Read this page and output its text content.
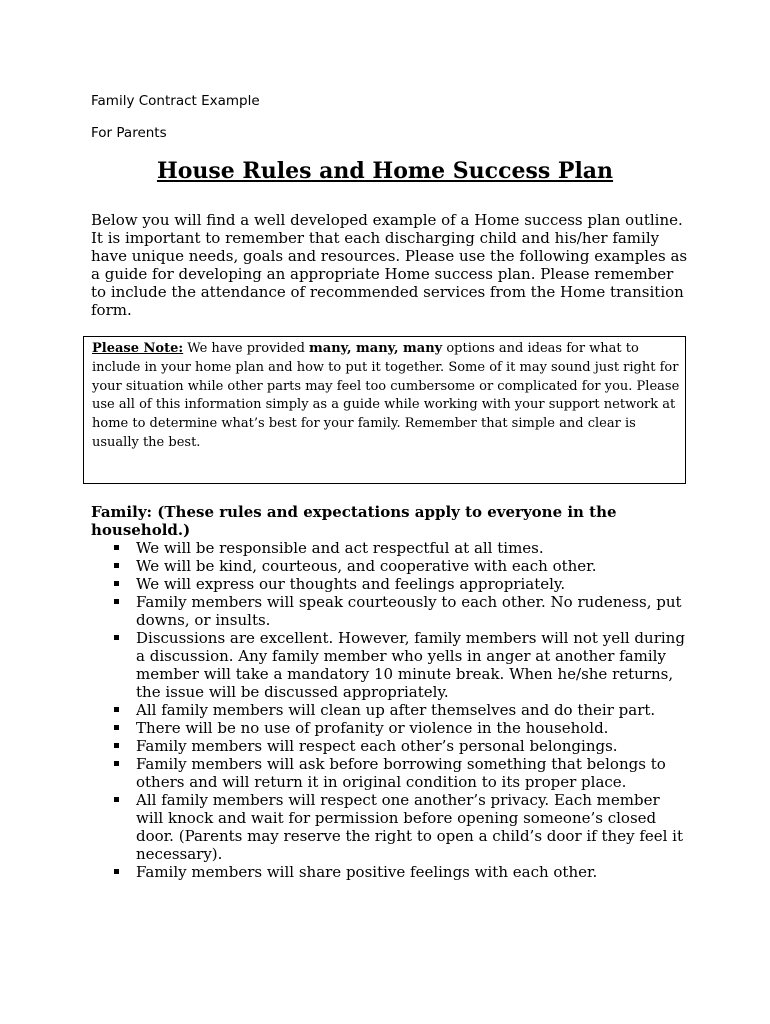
Family Contract Example
For Parents
House Rules and Home Success Plan
Below you will find a well developed example of a Home success plan outline. It is important to remember that each discharging child and his/her family have unique needs, goals and resources. Please use the following examples as a guide for developing an appropriate Home success plan. Please remember to include the attendance of recommended services from the Home transition form.
Please Note: We have provided many, many, many options and ideas for what to include in your home plan and how to put it together. Some of it may sound just right for your situation while other parts may feel too cumbersome or complicated for you. Please use all of this information simply as a guide while working with your support network at home to determine what’s best for your family. Remember that simple and clear is usually the best.
Family: (These rules and expectations apply to everyone in the household.)
We will be responsible and act respectful at all times.
We will be kind, courteous, and cooperative with each other.
We will express our thoughts and feelings appropriately.
Family members will speak courteously to each other. No rudeness, put downs, or insults.
Discussions are excellent. However, family members will not yell during a discussion. Any family member who yells in anger at another family member will take a mandatory 10 minute break. When he/she returns, the issue will be discussed appropriately.
All family members will clean up after themselves and do their part.
There will be no use of profanity or violence in the household.
Family members will respect each other’s personal belongings.
Family members will ask before borrowing something that belongs to others and will return it in original condition to its proper place.
All family members will respect one another’s privacy. Each member will knock and wait for permission before opening someone’s closed door. (Parents may reserve the right to open a child’s door if they feel it necessary).
Family members will share positive feelings with each other.
